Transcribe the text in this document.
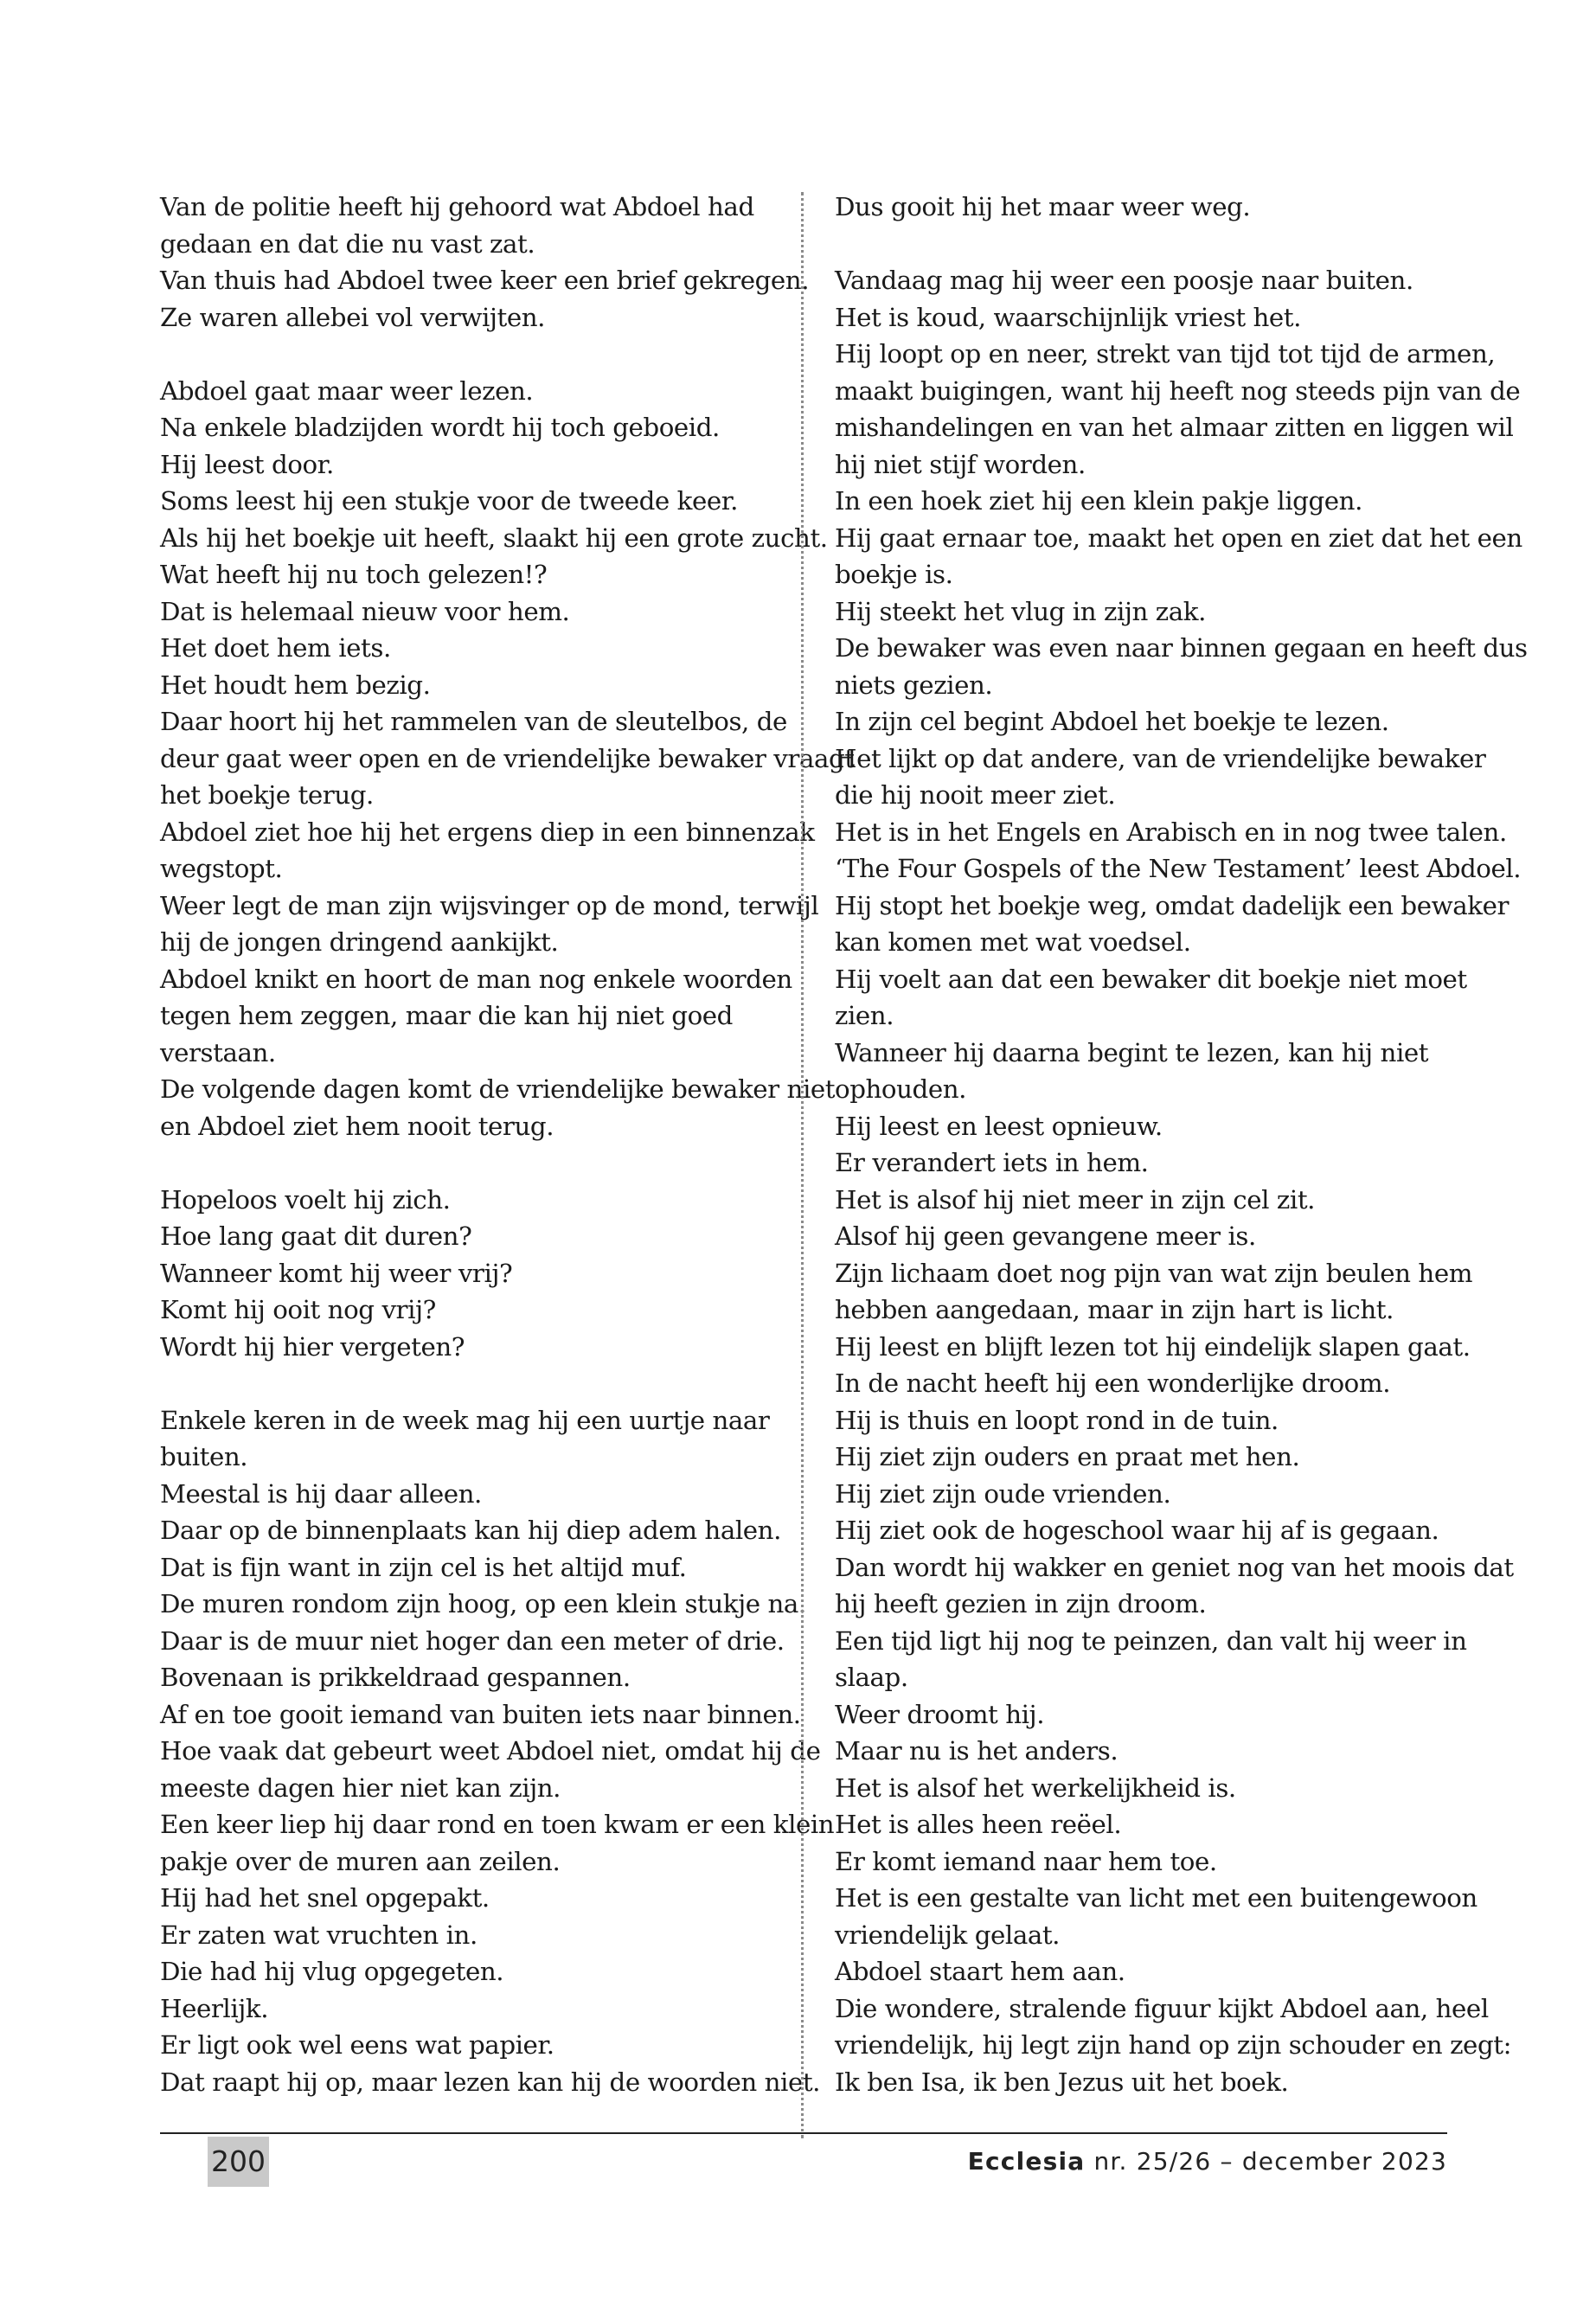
Van de politie heeft hij gehoord wat Abdoel had
gedaan en dat die nu vast zat.
Van thuis had Abdoel twee keer een brief gekregen.
Ze waren allebei vol verwijten.
Abdoel gaat maar weer lezen.
Na enkele bladzijden wordt hij toch geboeid.
Hij leest door.
Soms leest hij een stukje voor de tweede keer.
Als hij het boekje uit heeft, slaakt hij een grote zucht.
Wat heeft hij nu toch gelezen!?
Dat is helemaal nieuw voor hem.
Het doet hem iets.
Het houdt hem bezig.
Daar hoort hij het rammelen van de sleutelbos, de
deur gaat weer open en de vriendelijke bewaker vraagt
het boekje terug.
Abdoel ziet hoe hij het ergens diep in een binnenzak
wegstopt.
Weer legt de man zijn wijsvinger op de mond, terwijl
hij de jongen dringend aankijkt.
Abdoel knikt en hoort de man nog enkele woorden
tegen hem zeggen, maar die kan hij niet goed
verstaan.
De volgende dagen komt de vriendelijke bewaker niet
en Abdoel ziet hem nooit terug.
Hopeloos voelt hij zich.
Hoe lang gaat dit duren?
Wanneer komt hij weer vrij?
Komt hij ooit nog vrij?
Wordt hij hier vergeten?
Enkele keren in de week mag hij een uurtje naar
buiten.
Meestal is hij daar alleen.
Daar op de binnenplaats kan hij diep adem halen.
Dat is fijn want in zijn cel is het altijd muf.
De muren rondom zijn hoog, op een klein stukje na.
Daar is de muur niet hoger dan een meter of drie.
Bovenaan is prikkeldraad gespannen.
Af en toe gooit iemand van buiten iets naar binnen.
Hoe vaak dat gebeurt weet Abdoel niet, omdat hij de
meeste dagen hier niet kan zijn.
Een keer liep hij daar rond en toen kwam er een klein
pakje over de muren aan zeilen.
Hij had het snel opgepakt.
Er zaten wat vruchten in.
Die had hij vlug opgegeten.
Heerlijk.
Er ligt ook wel eens wat papier.
Dat raapt hij op, maar lezen kan hij de woorden niet.
Dus gooit hij het maar weer weg.
Vandaag mag hij weer een poosje naar buiten.
Het is koud, waarschijnlijk vriest het.
Hij loopt op en neer, strekt van tijd tot tijd de armen,
maakt buigingen, want hij heeft nog steeds pijn van de
mishandelingen en van het almaar zitten en liggen wil
hij niet stijf worden.
In een hoek ziet hij een klein pakje liggen.
Hij gaat ernaar toe, maakt het open en ziet dat het een
boekje is.
Hij steekt het vlug in zijn zak.
De bewaker was even naar binnen gegaan en heeft dus
niets gezien.
In zijn cel begint Abdoel het boekje te lezen.
Het lijkt op dat andere, van de vriendelijke bewaker
die hij nooit meer ziet.
Het is in het Engels en Arabisch en in nog twee talen.
‘The Four Gospels of the New Testament’ leest Abdoel.
Hij stopt het boekje weg, omdat dadelijk een bewaker
kan komen met wat voedsel.
Hij voelt aan dat een bewaker dit boekje niet moet
zien.
Wanneer hij daarna begint te lezen, kan hij niet
ophouden.
Hij leest en leest opnieuw.
Er verandert iets in hem.
Het is alsof hij niet meer in zijn cel zit.
Alsof hij geen gevangene meer is.
Zijn lichaam doet nog pijn van wat zijn beulen hem
hebben aangedaan, maar in zijn hart is licht.
Hij leest en blijft lezen tot hij eindelijk slapen gaat.
In de nacht heeft hij een wonderlijke droom.
Hij is thuis en loopt rond in de tuin.
Hij ziet zijn ouders en praat met hen.
Hij ziet zijn oude vrienden.
Hij ziet ook de hogeschool waar hij af is gegaan.
Dan wordt hij wakker en geniet nog van het moois dat
hij heeft gezien in zijn droom.
Een tijd ligt hij nog te peinzen, dan valt hij weer in
slaap.
Weer droomt hij.
Maar nu is het anders.
Het is alsof het werkelijkheid is.
Het is alles heen reëel.
Er komt iemand naar hem toe.
Het is een gestalte van licht met een buitengewoon
vriendelijk gelaat.
Abdoel staart hem aan.
Die wondere, stralende figuur kijkt Abdoel aan, heel
vriendelijk, hij legt zijn hand op zijn schouder en zegt:
Ik ben Isa, ik ben Jezus uit het boek.
200	Ecclesia nr. 25/26 – december 2023
